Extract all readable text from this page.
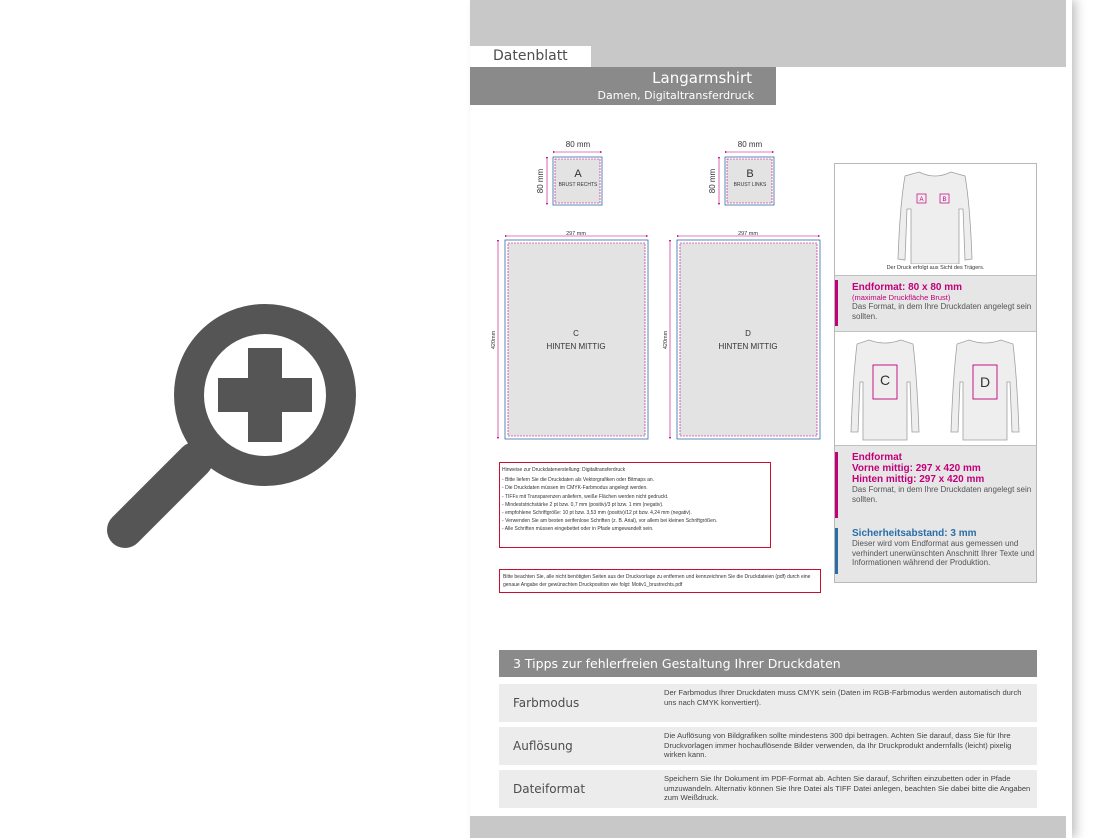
Datenblatt
Langarmshirt
Damen, Digitaltransferdruck
80 mm
80 mm	A
BRUST RECHTS
80 mm
80 mm	B
BRUST LINKS
297 mm
420mm	C
HINTEN MITTIG
297 mm
420mm	D
HINTEN MITTIG
Hinweise zur Druckdatenerstellung: Digitaltransferdruck
- Bitte liefern Sie die Druckdaten als Vektorgrafiken oder Bitmaps an.
- Die Druckdaten müssen im CMYK-Farbmodus angelegt werden.
- TIFFs mit Transparenzen anliefern, weiße Flächen werden nicht gedruckt.
- Mindeststrichstärke 2 pt bzw. 0,7 mm (positiv)/3 pt bzw. 1 mm (negativ).
- empfohlene Schriftgröße: 10 pt bzw. 3,53 mm (positiv)/12 pt bzw. 4,24 mm (negativ).
- Verwenden Sie am besten serifenlose Schriften (z. B. Arial), vor allem bei kleinen Schriftgrößen.
- Alle Schriften müssen eingebettet oder in Pfade umgewandelt sein.
Bitte beachten Sie, alle nicht benötigten Seiten aus der Druckvorlage zu entfernen und kennzeichnen Sie die Druckdateien (pdf) durch eine genaue Angabe der gewünschten Druckposition wie folgt: Motiv1_brustrechts.pdf
A	B
Der Druck erfolgt aus Sicht des Trägers.
Endformat: 80 x 80 mm
(maximale Druckfläche Brust)
Das Format, in dem Ihre Druckdaten angelegt sein sollten.
C	D
Endformat
Vorne mittig: 297 x 420 mm
Hinten mittig: 297 x 420 mm
Das Format, in dem Ihre Druckdaten angelegt sein sollten.
Sicherheitsabstand: 3 mm
Dieser wird vom Endformat aus gemessen und verhindert unerwünschten Anschnitt Ihrer Texte und Informationen während der Produktion.
3 Tipps zur fehlerfreien Gestaltung Ihrer Druckdaten
Farbmodus
Der Farbmodus Ihrer Druckdaten muss CMYK sein (Daten im RGB-Farbmodus werden automatisch durch uns nach CMYK konvertiert).
Auflösung
Die Auflösung von Bildgrafiken sollte mindestens 300 dpi betragen. Achten Sie darauf, dass Sie für Ihre Druckvorlagen immer hochauflösende Bilder verwenden, da Ihr Druckprodukt andernfalls (leicht) pixelig wirken kann.
Dateiformat
Speichern Sie Ihr Dokument im PDF-Format ab. Achten Sie darauf, Schriften einzubetten oder in Pfade umzuwandeln. Alternativ können Sie Ihre Datei als TIFF Datei anlegen, beachten Sie dabei bitte die Angaben zum Weißdruck.
